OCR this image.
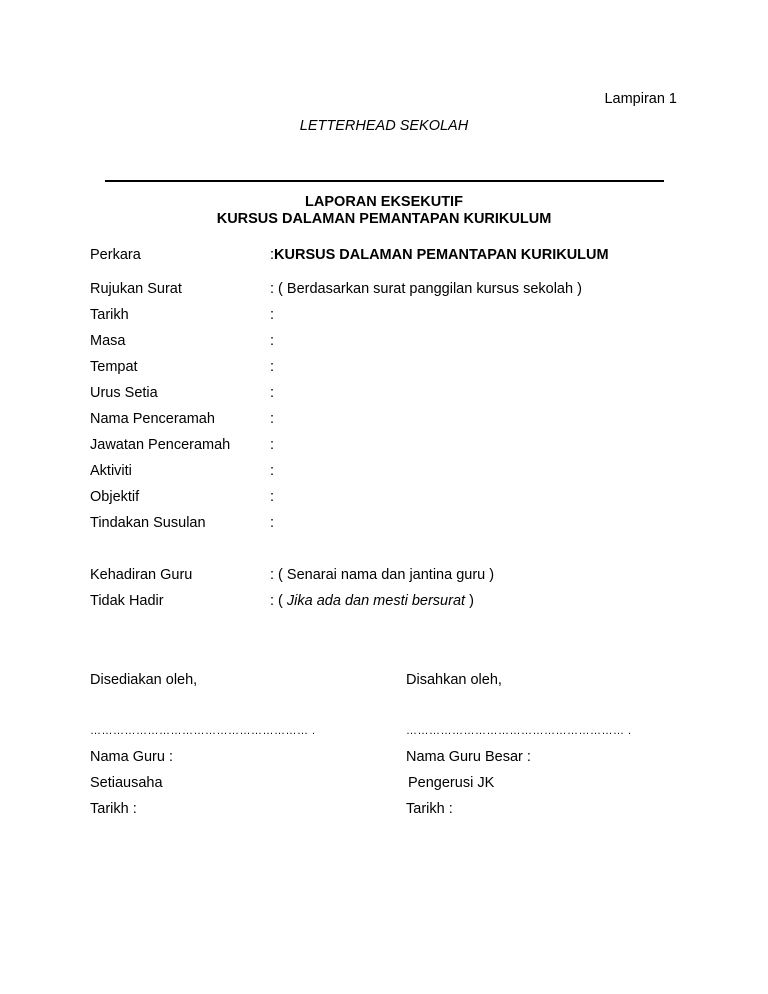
Lampiran 1
LETTERHEAD SEKOLAH
LAPORAN EKSEKUTIF
KURSUS DALAMAN PEMANTAPAN KURIKULUM
Perkara	:KURSUS DALAMAN PEMANTAPAN KURIKULUM
Rujukan Surat	: ( Berdasarkan surat panggilan kursus sekolah )
Tarikh	:
Masa	:
Tempat	:
Urus Setia	:
Nama Penceramah	:
Jawatan Penceramah	:
Aktiviti	:
Objektif	:
Tindakan Susulan	:
Kehadiran Guru	: ( Senarai nama dan jantina guru )
Tidak Hadir	: ( Jika ada dan mesti bersurat )
Disediakan oleh,	Disahkan oleh,
………………………………………………… .	………………………………………………… .
Nama Guru :	Nama Guru Besar :
Setiausaha	Pengerusi JK
Tarikh :	Tarikh :
